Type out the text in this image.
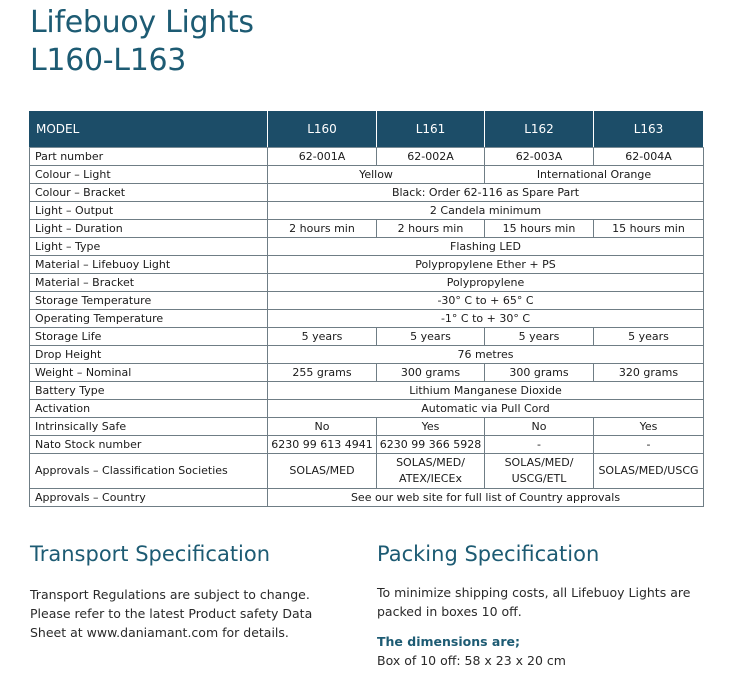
Lifebuoy Lights
L160-L163
MODEL	L160	L161	L162	L163
Part number	62-001A	62-002A	62-003A	62-004A
Colour – Light	Yellow		International Orange	
Colour – Bracket	Black: Order 62-116 as Spare Part			
Light – Output	2 Candela minimum			
Light – Duration	2 hours min	2 hours min	15 hours min	15 hours min
Light – Type	Flashing LED			
Material – Lifebuoy Light	Polypropylene Ether + PS			
Material – Bracket	Polypropylene			
Storage Temperature	-30° C to + 65° C			
Operating Temperature	-1° C to + 30° C			
Storage Life	5 years	5 years	5 years	5 years
Drop Height	76 metres			
Weight – Nominal	255 grams	300 grams	300 grams	320 grams
Battery Type	Lithium Manganese Dioxide			
Activation	Automatic via Pull Cord			
Intrinsically Safe	No	Yes	No	Yes
Nato Stock number	6230 99 613 4941	6230 99 366 5928	-	-
Approvals – Classification Societies	SOLAS/MED	SOLAS/MED/ ATEX/IECEx	SOLAS/MED/ USCG/ETL	SOLAS/MED/USCG
Approvals – Country	See our web site for full list of Country approvals			
Transport Specification

Transport Regulations are subject to change.

Please refer to the latest Product safety Data

Sheet at www.daniamant.com for details.

Packing Specification

To minimize shipping costs, all Lifebuoy Lights are

packed in boxes 10 off.

The dimensions are;

Box of 10 off: 58 x 23 x 20 cm
